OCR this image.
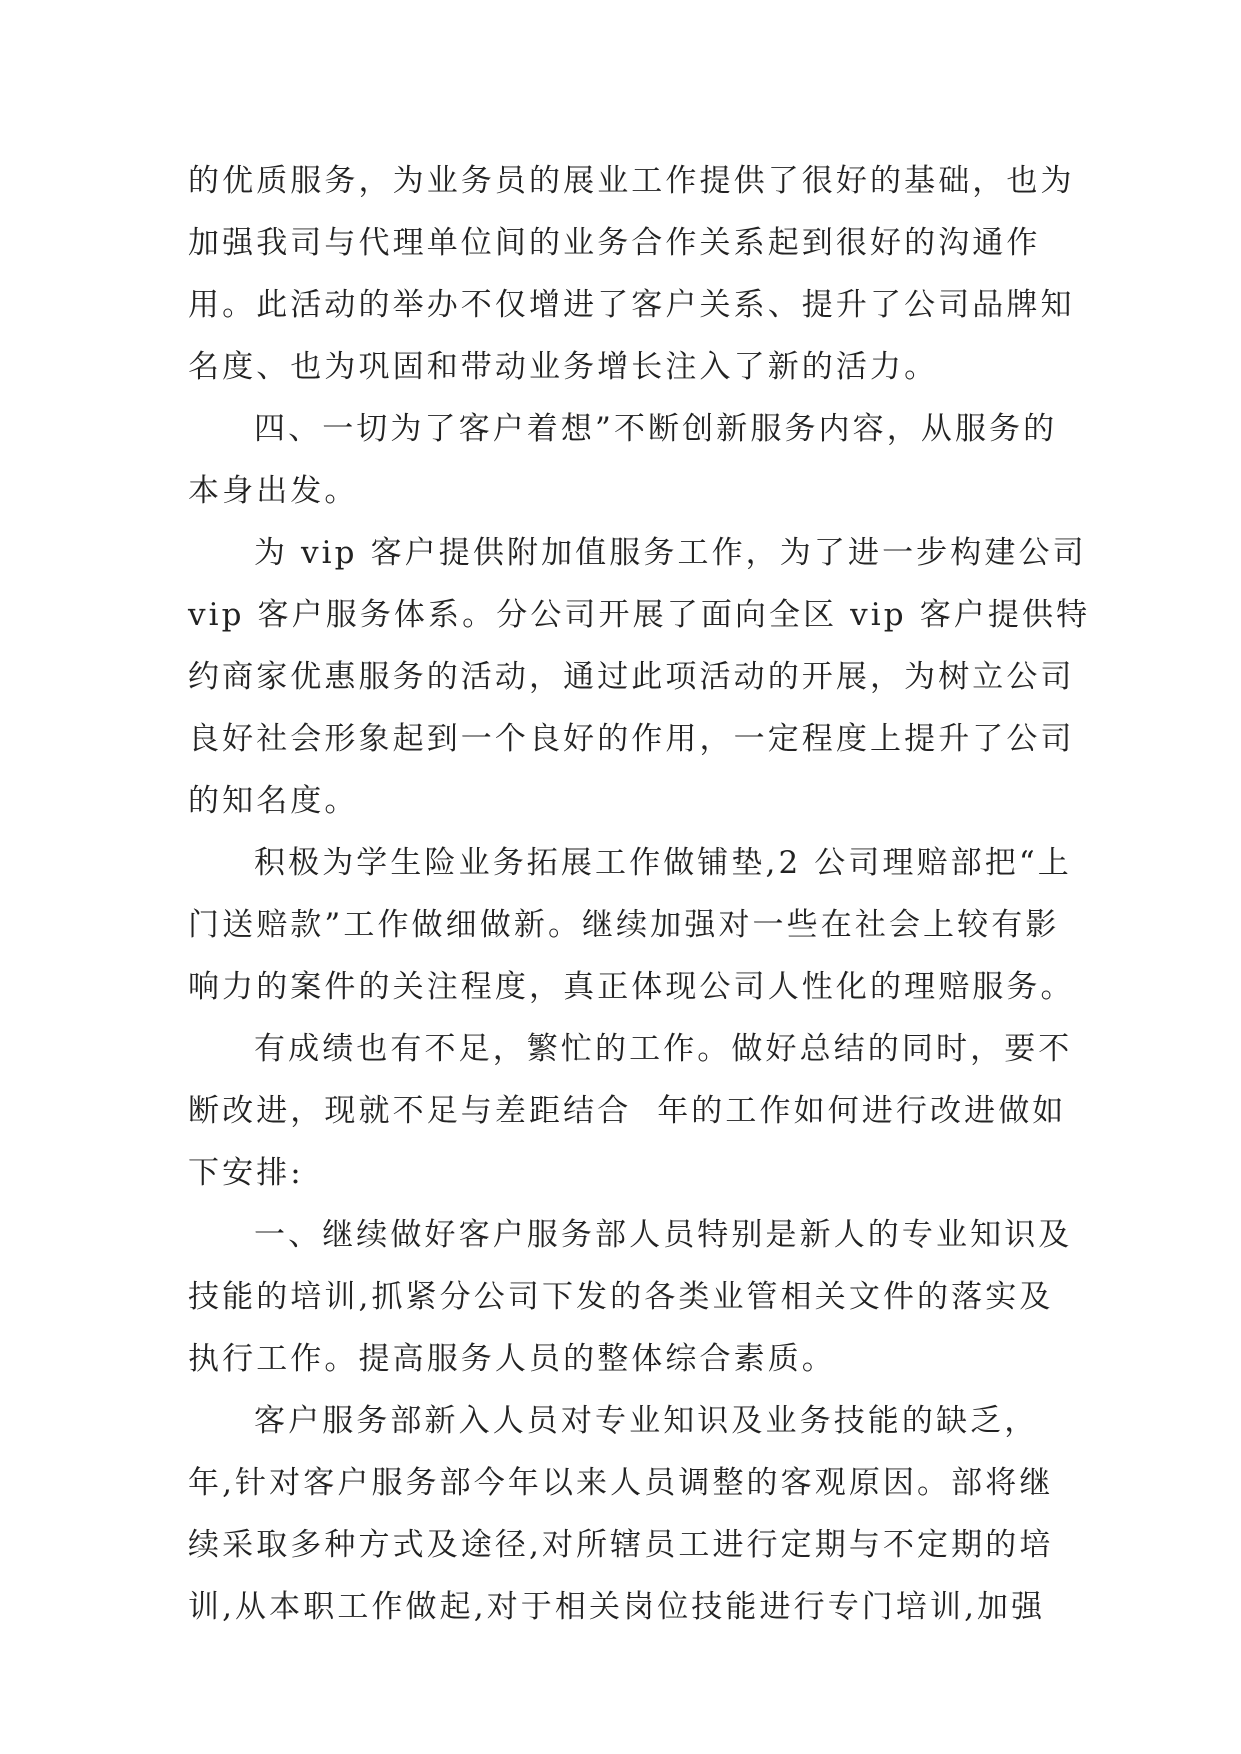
的优质服务，为业务员的展业工作提供了很好的基础，也为
加强我司与代理单位间的业务合作关系起到很好的沟通作
用。此活动的举办不仅增进了客户关系、提升了公司品牌知
名度、也为巩固和带动业务增长注入了新的活力。
四、一切为了客户着想”不断创新服务内容，从服务的
本身出发。
为 vip 客户提供附加值服务工作，为了进一步构建公司
vip 客户服务体系。分公司开展了面向全区 vip 客户提供特
约商家优惠服务的活动，通过此项活动的开展，为树立公司
良好社会形象起到一个良好的作用，一定程度上提升了公司
的知名度。
积极为学生险业务拓展工作做铺垫,2 公司理赔部把“上
门送赔款”工作做细做新。继续加强对一些在社会上较有影
响力的案件的关注程度，真正体现公司人性化的理赔服务。
有成绩也有不足，繁忙的工作。做好总结的同时，要不
断改进，现就不足与差距结合  年的工作如何进行改进做如
下安排:
一、继续做好客户服务部人员特别是新人的专业知识及
技能的培训,抓紧分公司下发的各类业管相关文件的落实及
执行工作。提高服务人员的整体综合素质。
客户服务部新入人员对专业知识及业务技能的缺乏，
年,针对客户服务部今年以来人员调整的客观原因。部将继
续采取多种方式及途径,对所辖员工进行定期与不定期的培
训,从本职工作做起,对于相关岗位技能进行专门培训,加强
